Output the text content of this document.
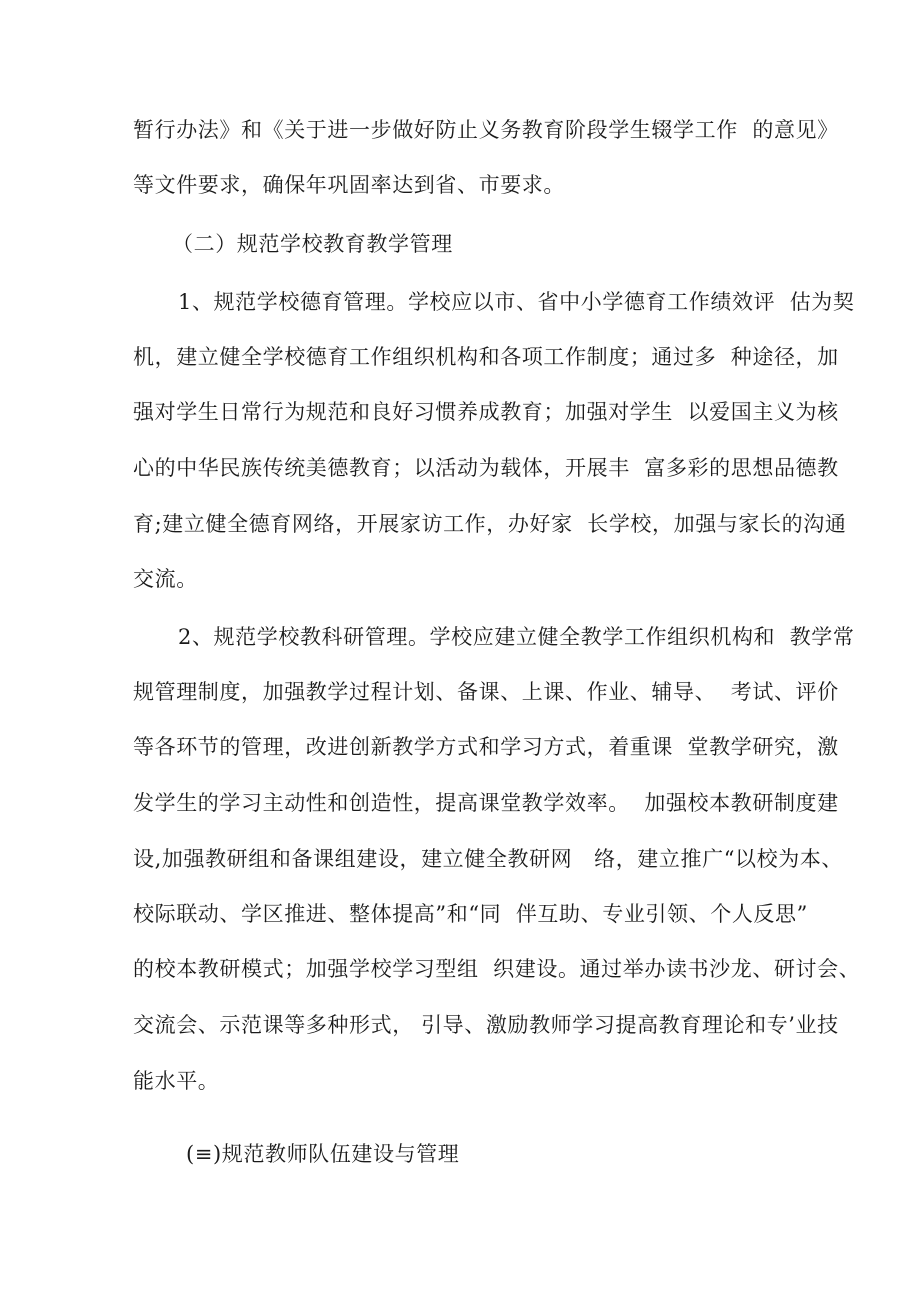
暂行办法》和《关于进一步做好防止义务教育阶段学生辍学工作  的意见》
等文件要求，确保年巩固率达到省、市要求。
（二）规范学校教育教学管理
1、规范学校德育管理。学校应以市、省中小学德育工作绩效评  估为契
机，建立健全学校德育工作组织机构和各项工作制度；通过多  种途径，加
强对学生日常行为规范和良好习惯养成教育；加强对学生  以爱国主义为核
心的中华民族传统美德教育；以活动为载体，开展丰  富多彩的思想品德教
育;建立健全德育网络，开展家访工作，办好家  长学校，加强与家长的沟通
交流。
2、规范学校教科研管理。学校应建立健全教学工作组织机构和  教学常
规管理制度，加强教学过程计划、备课、上课、作业、辅导、  考试、评价
等各环节的管理，改进创新教学方式和学习方式，着重课  堂教学研究，激
发学生的学习主动性和创造性，提高课堂教学效率。  加强校本教研制度建
设,加强教研组和备课组建设，建立健全教研网   络，建立推广“以校为本、
校际联动、学区推进、整体提高”和“同  伴互助、专业引领、个人反思”
的校本教研模式；加强学校学习型组  织建设。通过举办读书沙龙、研讨会、
交流会、示范课等多种形式， 引导、激励教师学习提高教育理论和专’业技
能水平。
(≡)规范教师队伍建设与管理
